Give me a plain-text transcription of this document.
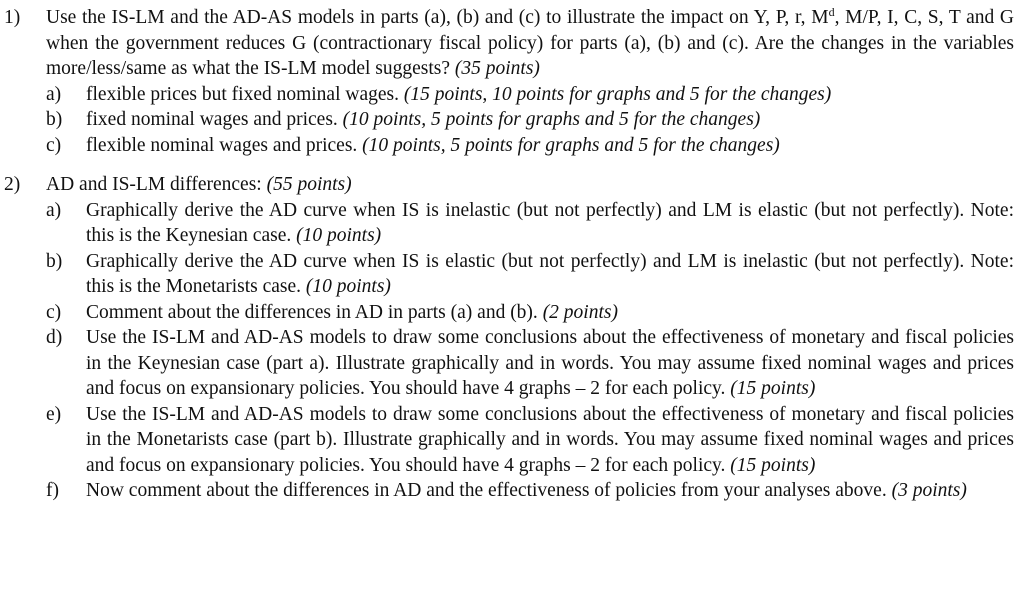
1) Use the IS-LM and the AD-AS models in parts (a), (b) and (c) to illustrate the impact on Y, P, r, $M^d$, M/P, I, C, S, T and G when the government reduces G (contractionary fiscal policy) for parts (a), (b) and (c). Are the changes in the variables more/less/same as what the IS-LM model suggests? (35 points)
a) flexible prices but fixed nominal wages. (15 points, 10 points for graphs and 5 for the changes)
b) fixed nominal wages and prices. (10 points, 5 points for graphs and 5 for the changes)
c) flexible nominal wages and prices. (10 points, 5 points for graphs and 5 for the changes)
2) AD and IS-LM differences: (55 points)
a) Graphically derive the AD curve when IS is inelastic (but not perfectly) and LM is elastic (but not perfectly). Note: this is the Keynesian case. (10 points)
b) Graphically derive the AD curve when IS is elastic (but not perfectly) and LM is inelastic (but not perfectly). Note: this is the Monetarists case. (10 points)
c) Comment about the differences in AD in parts (a) and (b). (2 points)
d) Use the IS-LM and AD-AS models to draw some conclusions about the effectiveness of monetary and fiscal policies in the Keynesian case (part a). Illustrate graphically and in words. You may assume fixed nominal wages and prices and focus on expansionary policies. You should have 4 graphs – 2 for each policy. (15 points)
e) Use the IS-LM and AD-AS models to draw some conclusions about the effectiveness of monetary and fiscal policies in the Monetarists case (part b). Illustrate graphically and in words. You may assume fixed nominal wages and prices and focus on expansionary policies. You should have 4 graphs – 2 for each policy. (15 points)
f) Now comment about the differences in AD and the effectiveness of policies from your analyses above. (3 points)
